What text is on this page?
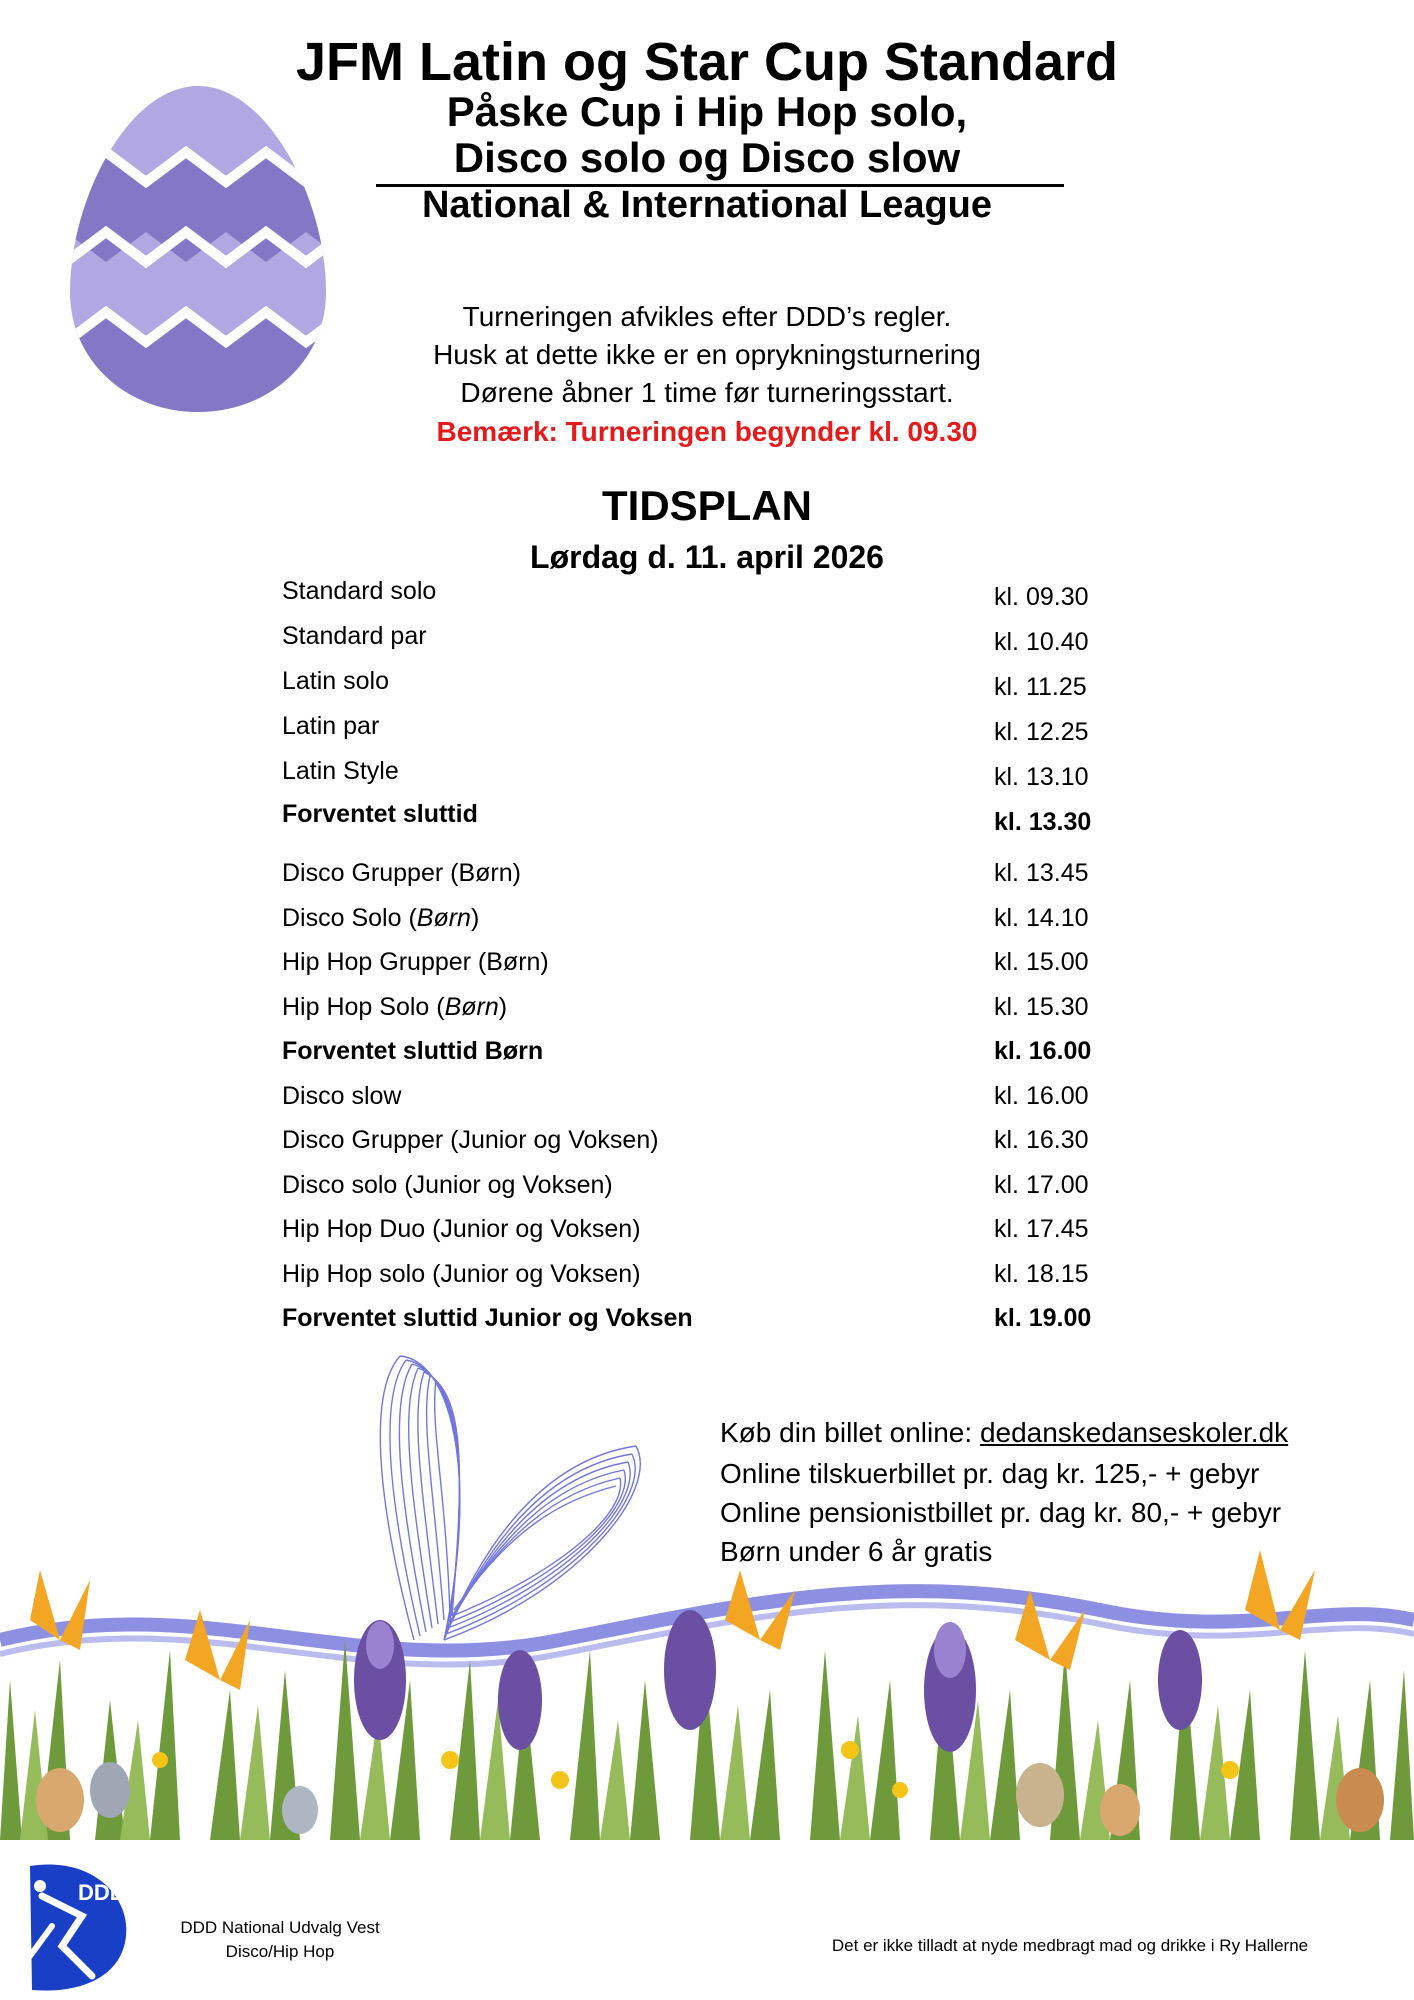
JFM Latin og Star Cup Standard
Påske Cup i Hip Hop solo,
Disco solo og Disco slow
National & International League
Turneringen afvikles efter DDD’s regler.
Husk at dette ikke er en oprykningsturnering
Dørene åbner 1 time før turneringsstart.
Bemærk: Turneringen begynder kl. 09.30
TIDSPLAN
Lørdag d. 11. april 2026
Standard solo	kl. 09.30
Standard par	kl. 10.40
Latin solo	kl. 11.25
Latin par	kl. 12.25
Latin Style	kl. 13.10
Forventet sluttid	kl. 13.30
Disco Grupper (Børn)	kl. 13.45
Disco Solo (Børn)	kl. 14.10
Hip Hop Grupper (Børn)	kl. 15.00
Hip Hop Solo (Børn)	kl. 15.30
Forventet sluttid Børn	kl. 16.00
Disco slow	kl. 16.00
Disco Grupper (Junior og Voksen)	kl. 16.30
Disco solo (Junior og Voksen)	kl. 17.00
Hip Hop Duo (Junior og Voksen)	kl. 17.45
Hip Hop solo (Junior og Voksen)	kl. 18.15
Forventet sluttid Junior og Voksen	kl. 19.00
Køb din billet online: dedanskedanseskoler.dk
Online tilskuerbillet pr. dag kr. 125,- + gebyr
Online pensionistbillet pr. dag kr. 80,- + gebyr
Børn under 6 år gratis
DDD
DDD National Udvalg Vest
Disco/Hip Hop	Det er ikke tilladt at nyde medbragt mad og drikke i Ry Hallerne
